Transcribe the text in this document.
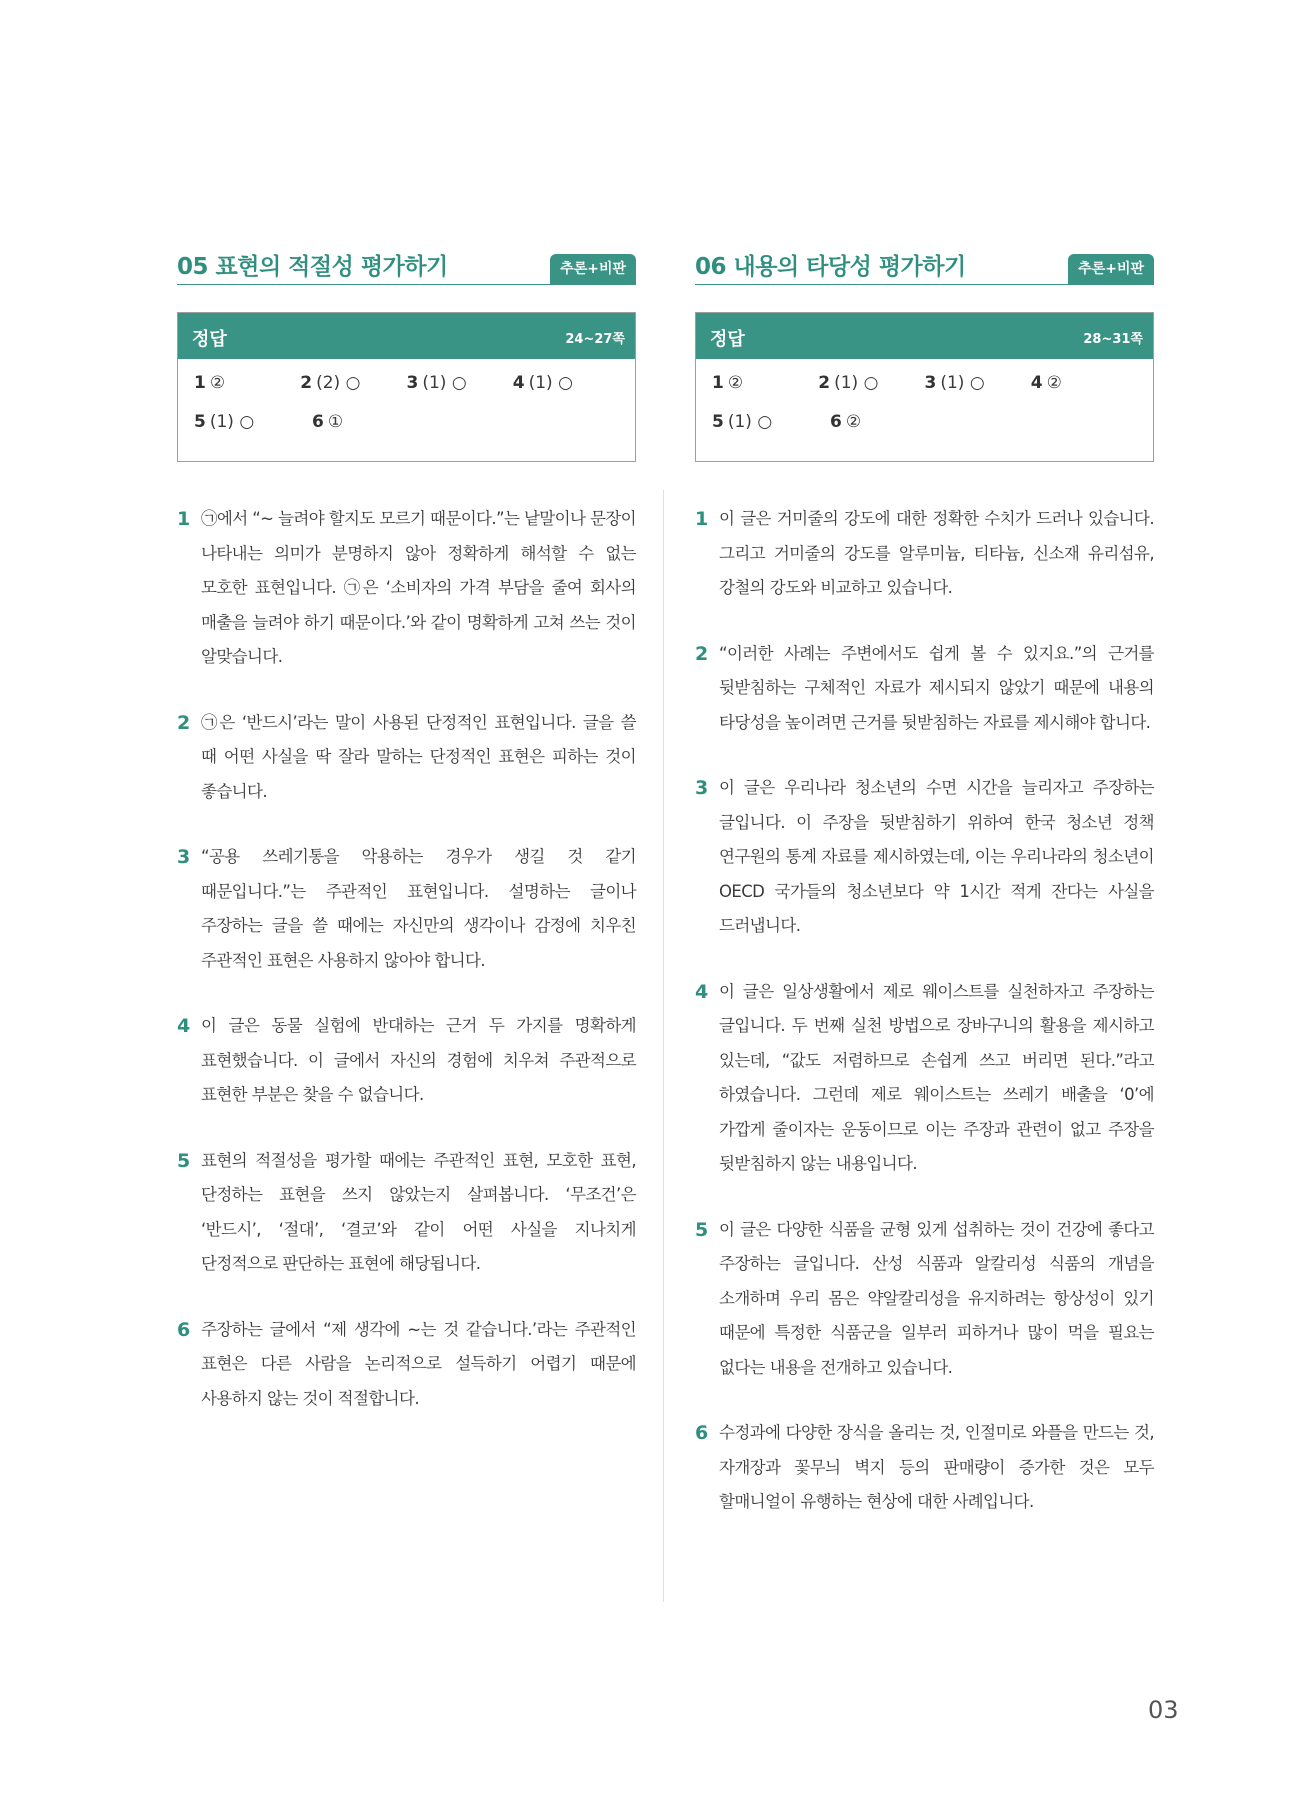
05 표현의 적절성 평가하기	추론+비판
정답	24~27쪽
1 ②	2 (2) ○	3 (1) ○	4 (1) ○
5 (1) ○	6 ①
1 ㉠에서 “~ 늘려야 할지도 모르기 때문이다.”는 낱말이나 문장이 나타내는 의미가 분명하지 않아 정확하게 해석할 수 없는 모호한 표현입니다. ㉠은 ‘소비자의 가격 부담을 줄여 회사의 매출을 늘려야 하기 때문이다.’와 같이 명확하게 고쳐 쓰는 것이 알맞습니다.
2 ㉠은 ‘반드시’라는 말이 사용된 단정적인 표현입니다. 글을 쓸 때 어떤 사실을 딱 잘라 말하는 단정적인 표현은 피하는 것이 좋습니다.
3 “공용 쓰레기통을 악용하는 경우가 생길 것 같기 때문입니다.”는 주관적인 표현입니다. 설명하는 글이나 주장하는 글을 쓸 때에는 자신만의 생각이나 감정에 치우친 주관적인 표현은 사용하지 않아야 합니다.
4 이 글은 동물 실험에 반대하는 근거 두 가지를 명확하게 표현했습니다. 이 글에서 자신의 경험에 치우쳐 주관적으로 표현한 부분은 찾을 수 없습니다.
5 표현의 적절성을 평가할 때에는 주관적인 표현, 모호한 표현, 단정하는 표현을 쓰지 않았는지 살펴봅니다. ‘무조건’은 ‘반드시’, ‘절대’, ‘결코’와 같이 어떤 사실을 지나치게 단정적으로 판단하는 표현에 해당됩니다.
6 주장하는 글에서 “제 생각에 ~는 것 같습니다.’라는 주관적인 표현은 다른 사람을 논리적으로 설득하기 어렵기 때문에 사용하지 않는 것이 적절합니다.
06 내용의 타당성 평가하기	추론+비판
정답	28~31쪽
1 ②	2 (1) ○	3 (1) ○	4 ②
5 (1) ○	6 ②
1 이 글은 거미줄의 강도에 대한 정확한 수치가 드러나 있습니다. 그리고 거미줄의 강도를 알루미늄, 티타늄, 신소재 유리섬유, 강철의 강도와 비교하고 있습니다.
2 “이러한 사례는 주변에서도 쉽게 볼 수 있지요.”의 근거를 뒷받침하는 구체적인 자료가 제시되지 않았기 때문에 내용의 타당성을 높이려면 근거를 뒷받침하는 자료를 제시해야 합니다.
3 이 글은 우리나라 청소년의 수면 시간을 늘리자고 주장하는 글입니다. 이 주장을 뒷받침하기 위하여 한국 청소년 정책 연구원의 통계 자료를 제시하였는데, 이는 우리나라의 청소년이 OECD 국가들의 청소년보다 약 1시간 적게 잔다는 사실을 드러냅니다.
4 이 글은 일상생활에서 제로 웨이스트를 실천하자고 주장하는 글입니다. 두 번째 실천 방법으로 장바구니의 활용을 제시하고 있는데, “값도 저렴하므로 손쉽게 쓰고 버리면 된다.”라고 하였습니다. 그런데 제로 웨이스트는 쓰레기 배출을 ‘0’에 가깝게 줄이자는 운동이므로 이는 주장과 관련이 없고 주장을 뒷받침하지 않는 내용입니다.
5 이 글은 다양한 식품을 균형 있게 섭취하는 것이 건강에 좋다고 주장하는 글입니다. 산성 식품과 알칼리성 식품의 개념을 소개하며 우리 몸은 약알칼리성을 유지하려는 항상성이 있기 때문에 특정한 식품군을 일부러 피하거나 많이 먹을 필요는 없다는 내용을 전개하고 있습니다.
6 수정과에 다양한 장식을 올리는 것, 인절미로 와플을 만드는 것, 자개장과 꽃무늬 벽지 등의 판매량이 증가한 것은 모두 할매니얼이 유행하는 현상에 대한 사례입니다.
03
